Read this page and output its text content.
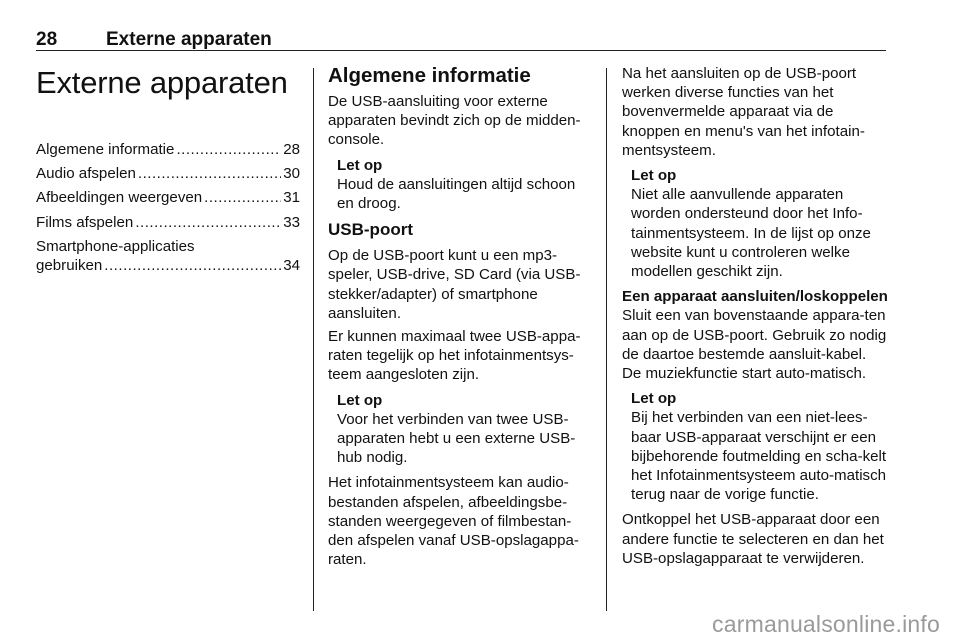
28	Externe apparaten
Externe apparaten
Algemene informatie .....	28
Audio afspelen .....	30
Afbeeldingen weergeven .....	31
Films afspelen .....	33
Smartphone-applicaties
gebruiken .....	34
Algemene informatie

De USB-aansluiting voor externe apparaten bevindt zich op de midden-console.

Let op
Houd de aansluitingen altijd schoon en droog.
USB-poort

Op de USB-poort kunt u een mp3-speler, USB-drive, SD Card (via USB-stekker/adapter) of smartphone aansluiten.

Er kunnen maximaal twee USB-appa-raten tegelijk op het infotainmentsys-teem aangesloten zijn.

Let op
Voor het verbinden van twee USB-apparaten hebt u een externe USB-hub nodig.

Het infotainmentsysteem kan audio-bestanden afspelen, afbeeldingsbe-standen weergegeven of filmbestan-den afspelen vanaf USB-opslagappa-raten.

Na het aansluiten op de USB-poort werken diverse functies van het bovenvermelde apparaat via de knoppen en menu's van het infotain-mentsysteem.

Let op
Niet alle aanvullende apparaten worden ondersteund door het Info-tainmentsysteem. In de lijst op onze website kunt u controleren welke modellen geschikt zijn.
Een apparaat aansluiten/loskoppelen

Sluit een van bovenstaande appara-ten aan op de USB-poort. Gebruik zo nodig de daartoe bestemde aansluit-kabel. De muziekfunctie start auto-matisch.

Let op
Bij het verbinden van een niet-lees-baar USB-apparaat verschijnt er een bijbehorende foutmelding en scha-kelt het Infotainmentsysteem auto-matisch terug naar de vorige functie.

Ontkoppel het USB-apparaat door een andere functie te selecteren en dan het USB-opslagapparaat te verwijderen.

carmanualsonline.info
